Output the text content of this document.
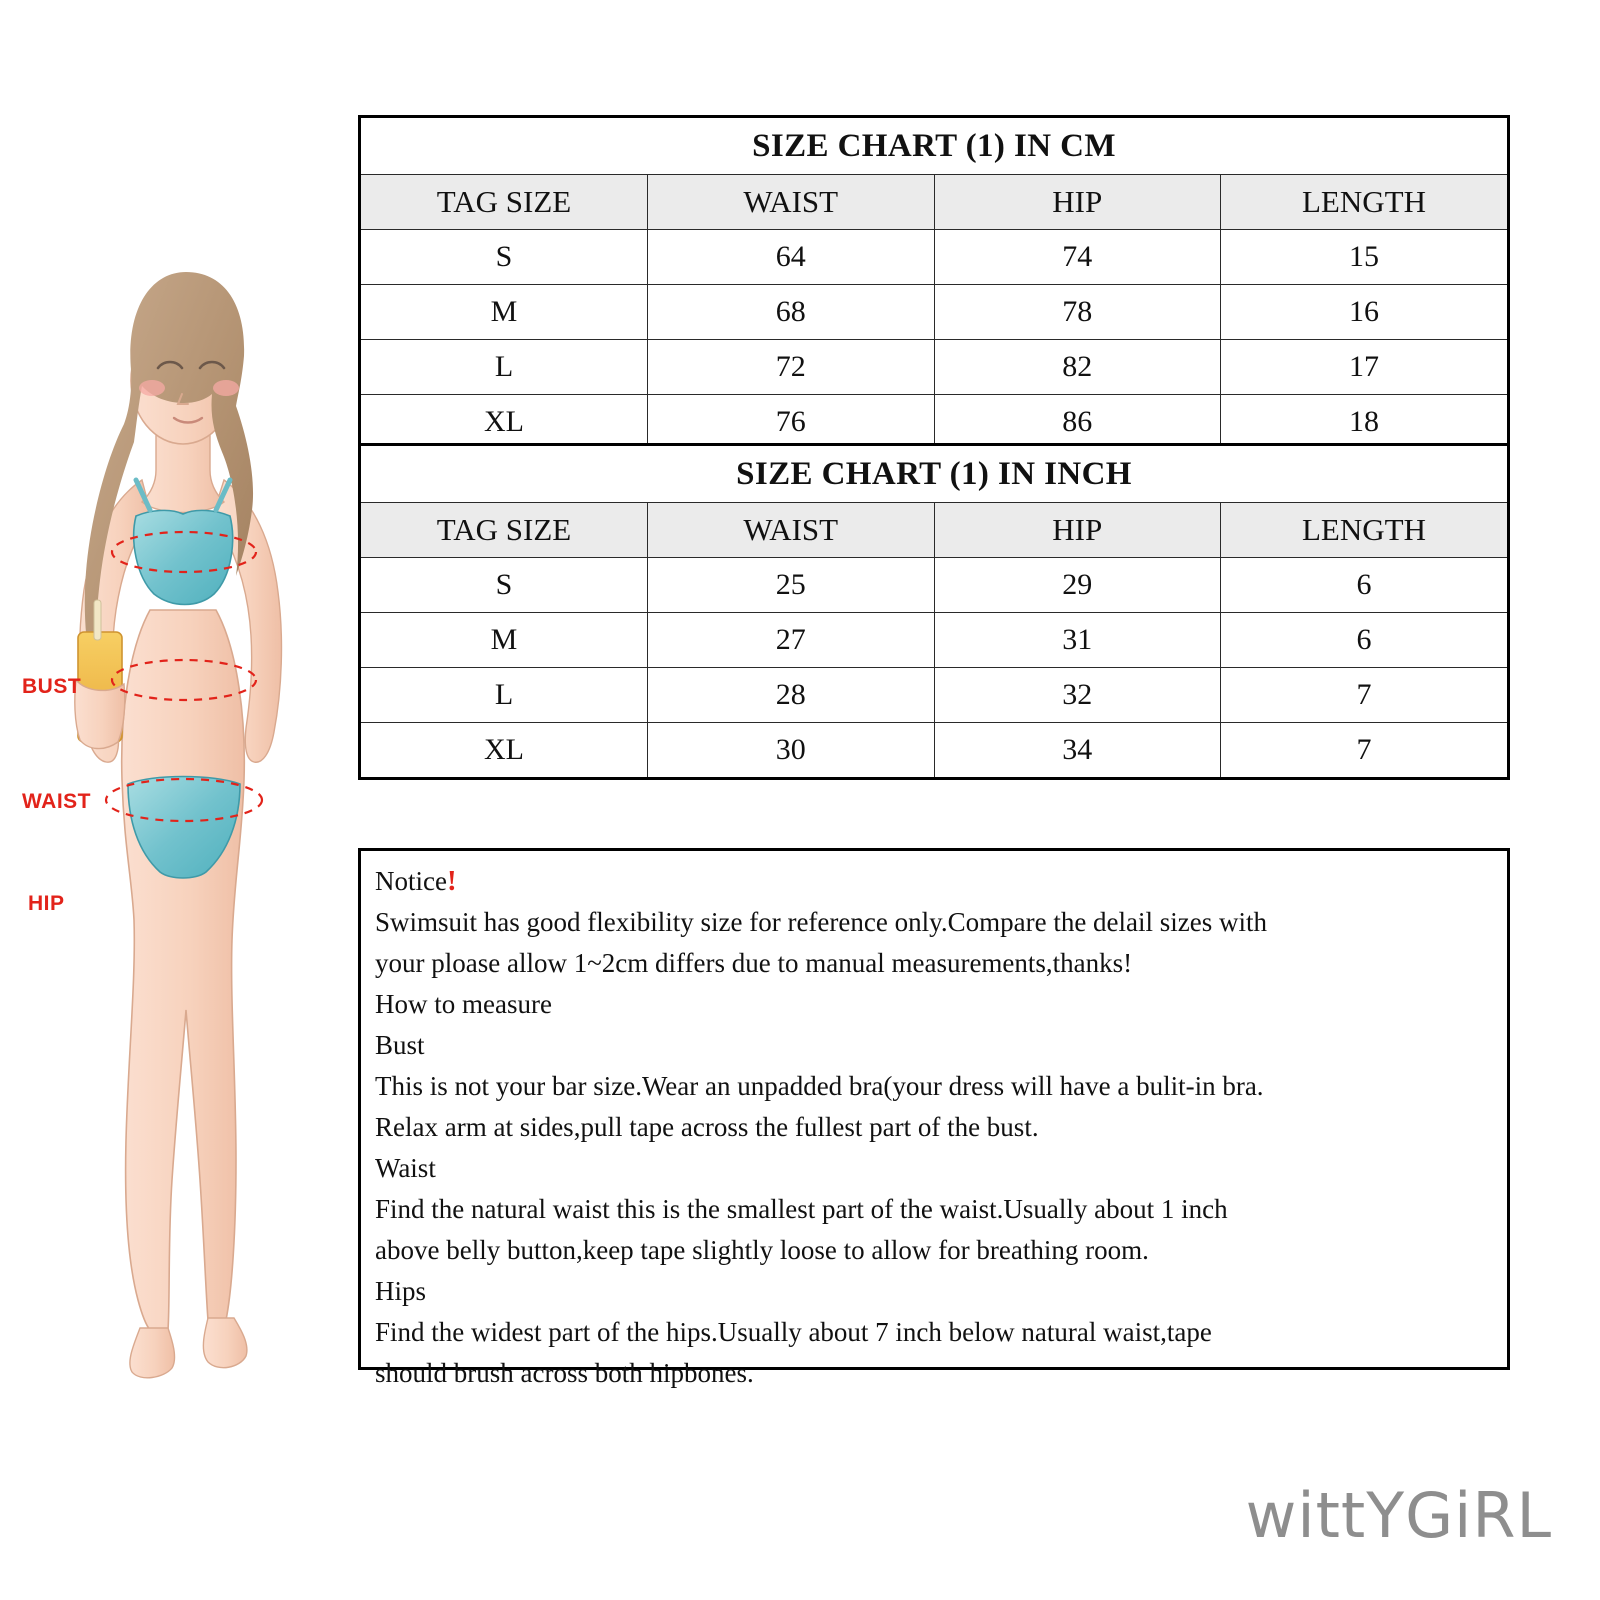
BUST
WAIST
HIP
SIZE CHART (1) IN CM			
TAG SIZE	WAIST	HIP	LENGTH
S	64	74	15
M	68	78	16
L	72	82	17
XL	76	86	18
SIZE CHART (1) IN INCH			
TAG SIZE	WAIST	HIP	LENGTH
S	25	29	6
M	27	31	6
L	28	32	7
XL	30	34	7
Notice!
Swimsuit has good flexibility size for reference only.Compare the delail sizes with
your ploase allow 1~2cm differs due to manual measurements,thanks!
How to measure
Bust
This is not your bar size.Wear an unpadded bra(your dress will have a bulit-in bra.
Relax arm at sides,pull tape across the fullest part of the bust.
Waist
Find the natural waist this is the smallest part of the waist.Usually about 1 inch
above belly button,keep tape slightly loose to allow for breathing room.
Hips
Find the widest part of the hips.Usually about 7 inch below natural waist,tape
should brush across both hipbones.
wittYGiRL
